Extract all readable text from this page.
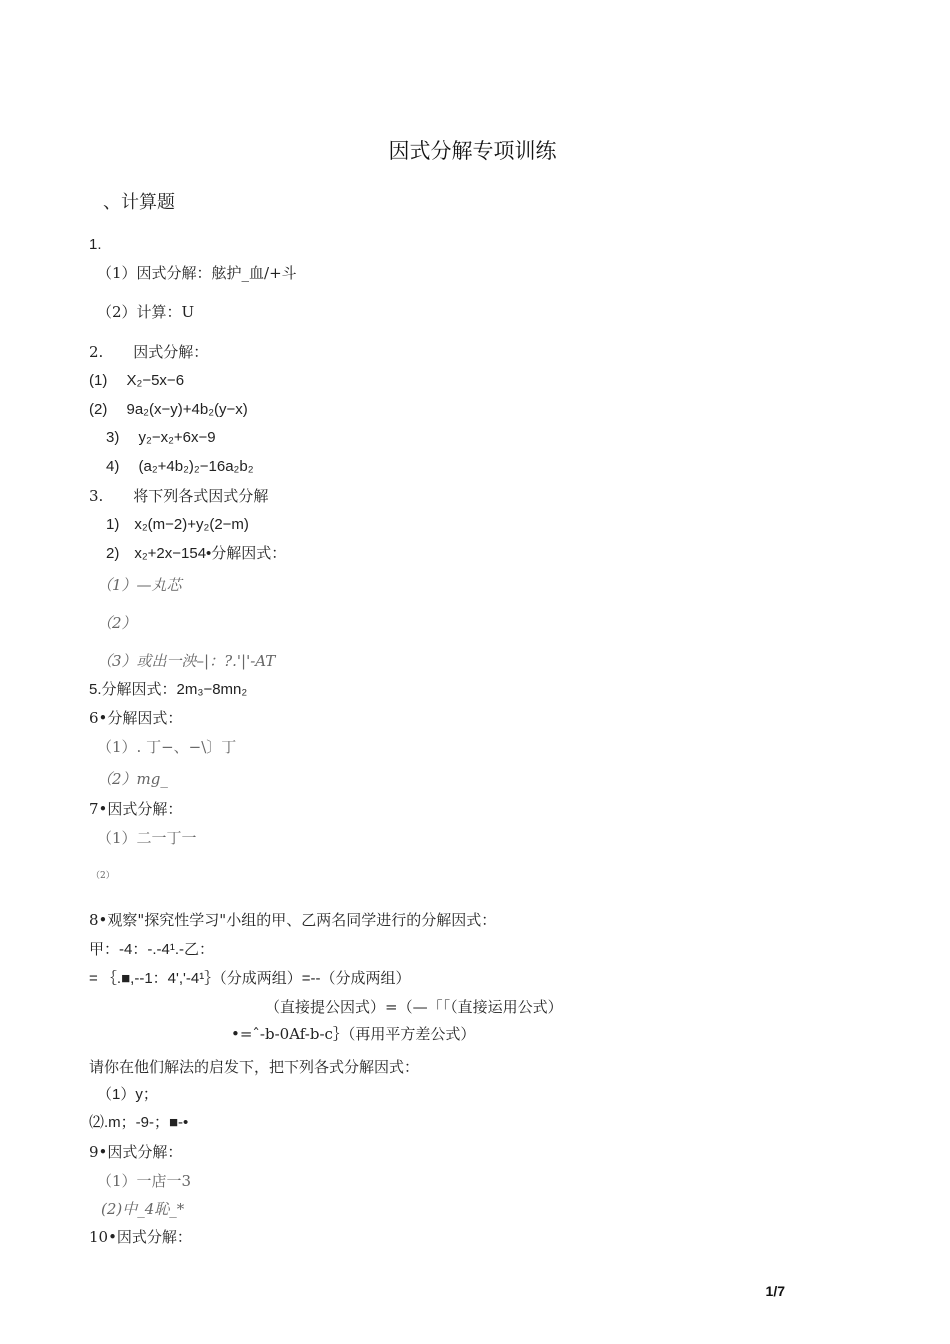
因式分解专项训练
、计算题
1.
（1）因式分解：舷护_血/+斗
（2）计算：U
2.　　因式分解：
(1)　 X₂−5x−6
(2)　 9a₂(x−y)+4b₂(y−x)
3)　 y₂−x₂+6x−9
4)　 (a₂+4b₂)₂−16a₂b₂
3.　　将下列各式因式分解
1)　x₂(m−2)+y₂(2−m)
2)　x₂+2x−154•分解因式：
（1）—丸芯
（2）
（3）或出一泱–|：?.'|'-AT
5.分解因式：2m₃−8mn₂
6•分解因式：
（1）. 丁−、−\〕丁
（2）mg_
7•因式分解：
（1）二一丁一
（2）
8•观察"探究性学习"小组的甲、乙两名同学进行的分解因式：
甲：-4：-.-4¹.-乙：
= ｛.■,--1：4','-4¹｝（分成两组）=--（分成两组）
（直接提公因式）=（—「「（直接运用公式）
•=ˆ-b-0Af-b-c｝（再用平方差公式）
请你在他们解法的启发下，把下列各式分解因式：
（1）y；
⑵.m；-9-；■-•
9•因式分解：
（1）一店一3
(2)中_4恥_*
10•因式分解：
1/7
